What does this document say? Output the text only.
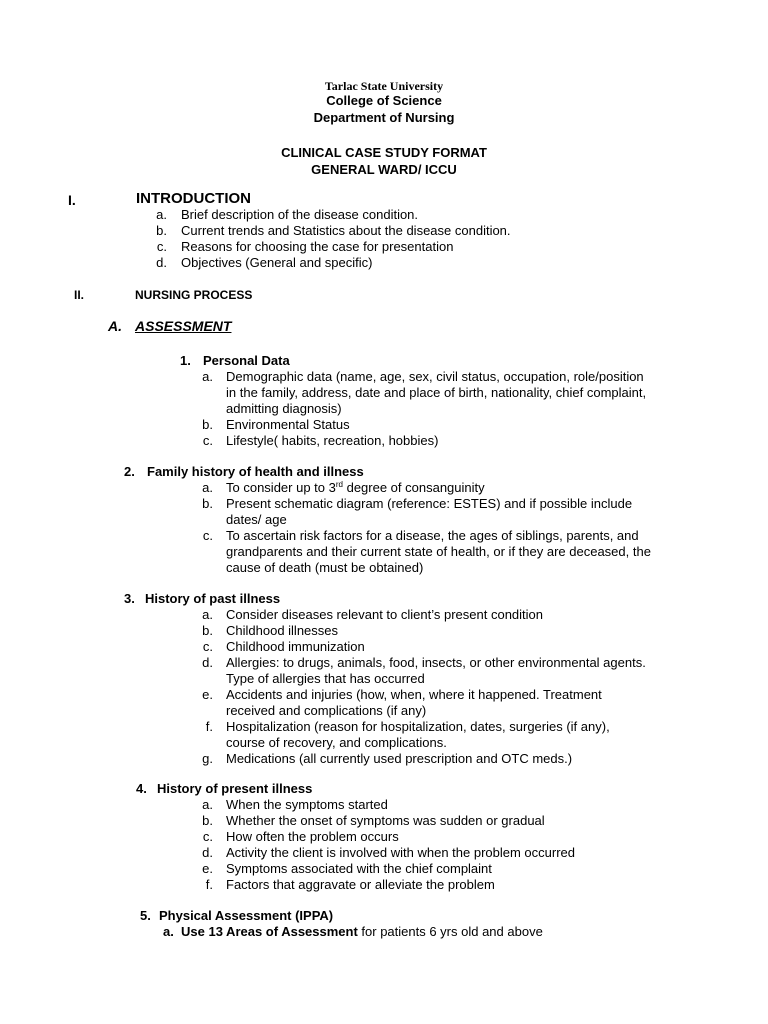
Tarlac State University
College of Science
Department of Nursing
CLINICAL CASE STUDY FORMAT
GENERAL WARD/ ICCU
I.	INTRODUCTION
a. Brief description of the disease condition.
b. Current trends and Statistics about the disease condition.
c. Reasons for choosing the case for presentation
d. Objectives (General and specific)
II.	NURSING PROCESS
A. ASSESSMENT
1. Personal Data
a. Demographic data (name, age, sex, civil status, occupation, role/position
in the family, address, date and place of birth, nationality, chief complaint,
admitting diagnosis)
b. Environmental Status
c. Lifestyle( habits, recreation, hobbies)
2. Family history of health and illness
a.
b. Present schematic diagram (reference: ESTES) and if possible include
dates/ age
c. To ascertain risk factors for a disease, the ages of siblings, parents, and
grandparents and their current state of health, or if they are deceased, the
cause of death (must be obtained)
To consider up to 3rd degree of consanguinity
3. History of past illness
a. Consider diseases relevant to client’s present condition
b. Childhood illnesses
c. Childhood immunization
d. Allergies: to drugs, animals, food, insects, or other environmental agents.
Type of allergies that has occurred
e. Accidents and injuries (how, when, where it happened. Treatment
received and complications (if any)
f. Hospitalization (reason for hospitalization, dates, surgeries (if any),
course of recovery, and complications.
g. Medications (all currently used prescription and OTC meds.)
4. History of present illness
a. When the symptoms started
b. Whether the onset of symptoms was sudden or gradual
c. How often the problem occurs
d. Activity the client is involved with when the problem occurred
e. Symptoms associated with the chief complaint
f. Factors that aggravate or alleviate the problem
5. Physical Assessment (IPPA)
a. Use 13 Areas of Assessment for patients 6 yrs old and above
